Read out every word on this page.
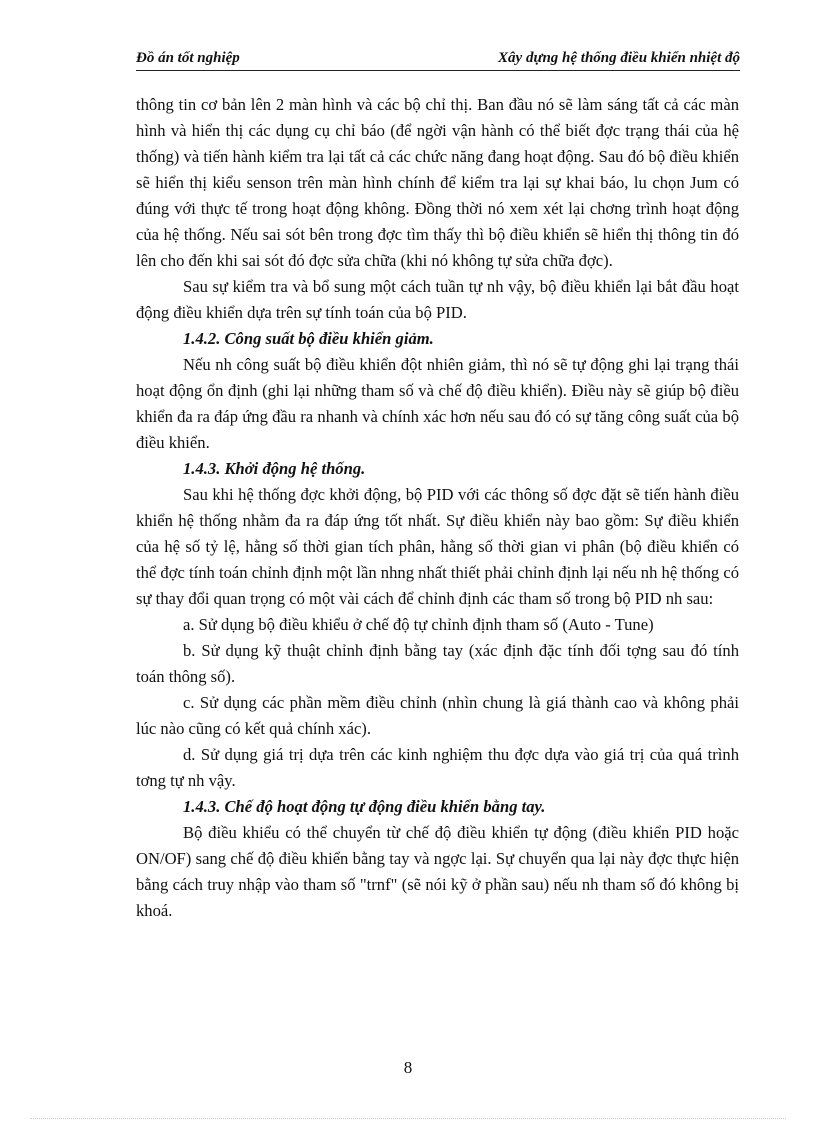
Đồ án tốt nghiệp	Xây dựng hệ thống điều khiển nhiệt độ

thông tin cơ bản lên 2 màn hình và các bộ chỉ thị. Ban đầu nó sẽ làm sáng tất cả các màn hình và hiển thị các dụng cụ chỉ báo (để ngời vận hành có thể biết đợc trạng thái của hệ thống) và tiến hành kiểm tra lại tất cả các chức năng đang hoạt động. Sau đó bộ điều khiển sẽ hiển thị kiểu senson trên màn hình chính để kiểm tra lại sự khai báo, lu chọn Jum có đúng với thực tế trong hoạt động không. Đồng thời nó xem xét lại chơng trình hoạt động của hệ thống. Nếu sai sót bên trong đợc tìm thấy thì bộ điều khiển sẽ hiển thị thông tin đó lên cho đến khi sai sót đó đợc sửa chữa (khi nó không tự sửa chữa đợc).

Sau sự kiểm tra và bổ sung một cách tuần tự nh vậy, bộ điều khiển lại bắt đầu hoạt động điều khiển dựa trên sự tính toán của bộ PID.

1.4.2. Công suất bộ điều khiển giảm.

Nếu nh công suất bộ điều khiển đột nhiên giảm, thì nó sẽ tự động ghi lại trạng thái hoạt động ổn định (ghi lại những tham số và chế độ điều khiển). Điều này sẽ giúp bộ điều khiển đa ra đáp ứng đầu ra nhanh và chính xác hơn nếu sau đó có sự tăng công suất của bộ điều khiển.

1.4.3. Khởi động hệ thống.

Sau khi hệ thống đợc khởi động, bộ PID với các thông số đợc đặt sẽ tiến hành điều khiển hệ thống nhằm đa ra đáp ứng tốt nhất. Sự điều khiển này bao gồm: Sự điều khiển của hệ số tỷ lệ, hằng số thời gian tích phân, hằng số thời gian vi phân (bộ điều khiển có thể đợc tính toán chỉnh định một lần nhng nhất thiết phải chỉnh định lại nếu nh hệ thống có sự thay đổi quan trọng có một vài cách để chỉnh định các tham số trong bộ PID nh sau:

a. Sử dụng bộ điều khiểu ở chế độ tự chỉnh định tham số (Auto - Tune)

b. Sử dụng kỹ thuật chỉnh định bằng tay (xác định đặc tính đối tợng sau đó tính toán thông số).

c. Sử dụng các phần mềm điều chỉnh (nhìn chung là giá thành cao và không phải lúc nào cũng có kết quả chính xác).

d. Sử dụng giá trị dựa trên các kinh nghiệm thu đợc dựa vào giá trị của quá trình tơng tự nh vậy.

1.4.3. Chế độ hoạt động tự động điều khiển bằng tay.

Bộ điều khiểu có thể chuyển từ chế độ điều khiển tự động (điều khiển PID hoặc ON/OF) sang chế độ điều khiển bằng tay và ngợc lại. Sự chuyển qua lại này đợc thực hiện bằng cách truy nhập vào tham số "trnf" (sẽ nói kỹ ở phần sau) nếu nh tham số đó không bị khoá.

8
